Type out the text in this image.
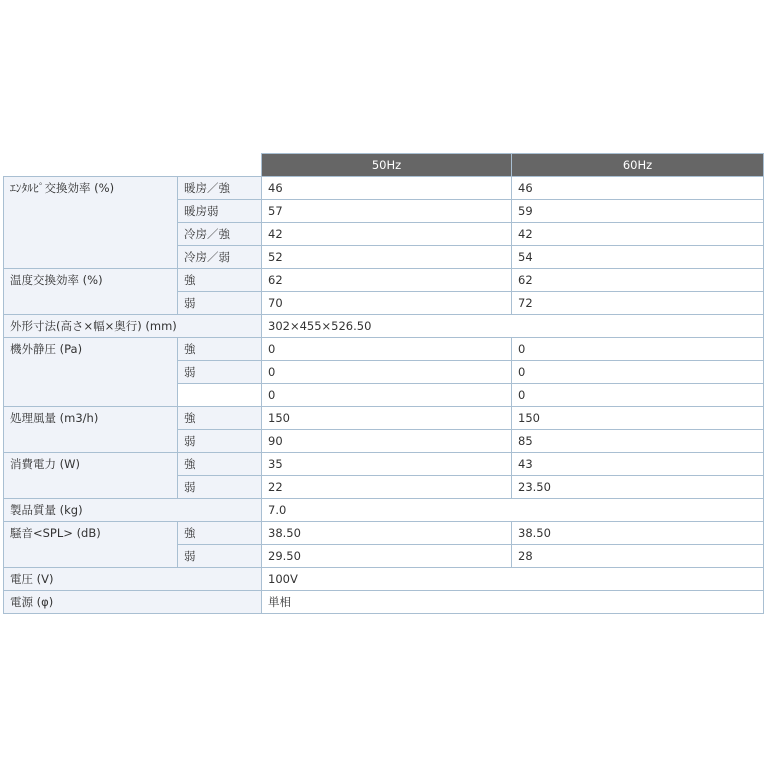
		50Hz	60Hz
ｴﾝﾀﾙﾋﾟ交換効率 (%)	暖房／強	46	46
	暖房弱	57	59
	冷房／強	42	42
	冷房／弱	52	54
温度交換効率 (%)	強	62	62
	弱	70	72
外形寸法(高さ×幅×奥行) (mm)		302×455×526.50	
機外静圧 (Pa)	強	0	0
	弱	0	0
		0	0
処理風量 (m3/h)	強	150	150
	弱	90	85
消費電力 (W)	強	35	43
	弱	22	23.50
製品質量 (kg)		7.0	
騒音<SPL> (dB)	強	38.50	38.50
	弱	29.50	28
電圧 (V)		100V	
電源 (φ)		単相	
